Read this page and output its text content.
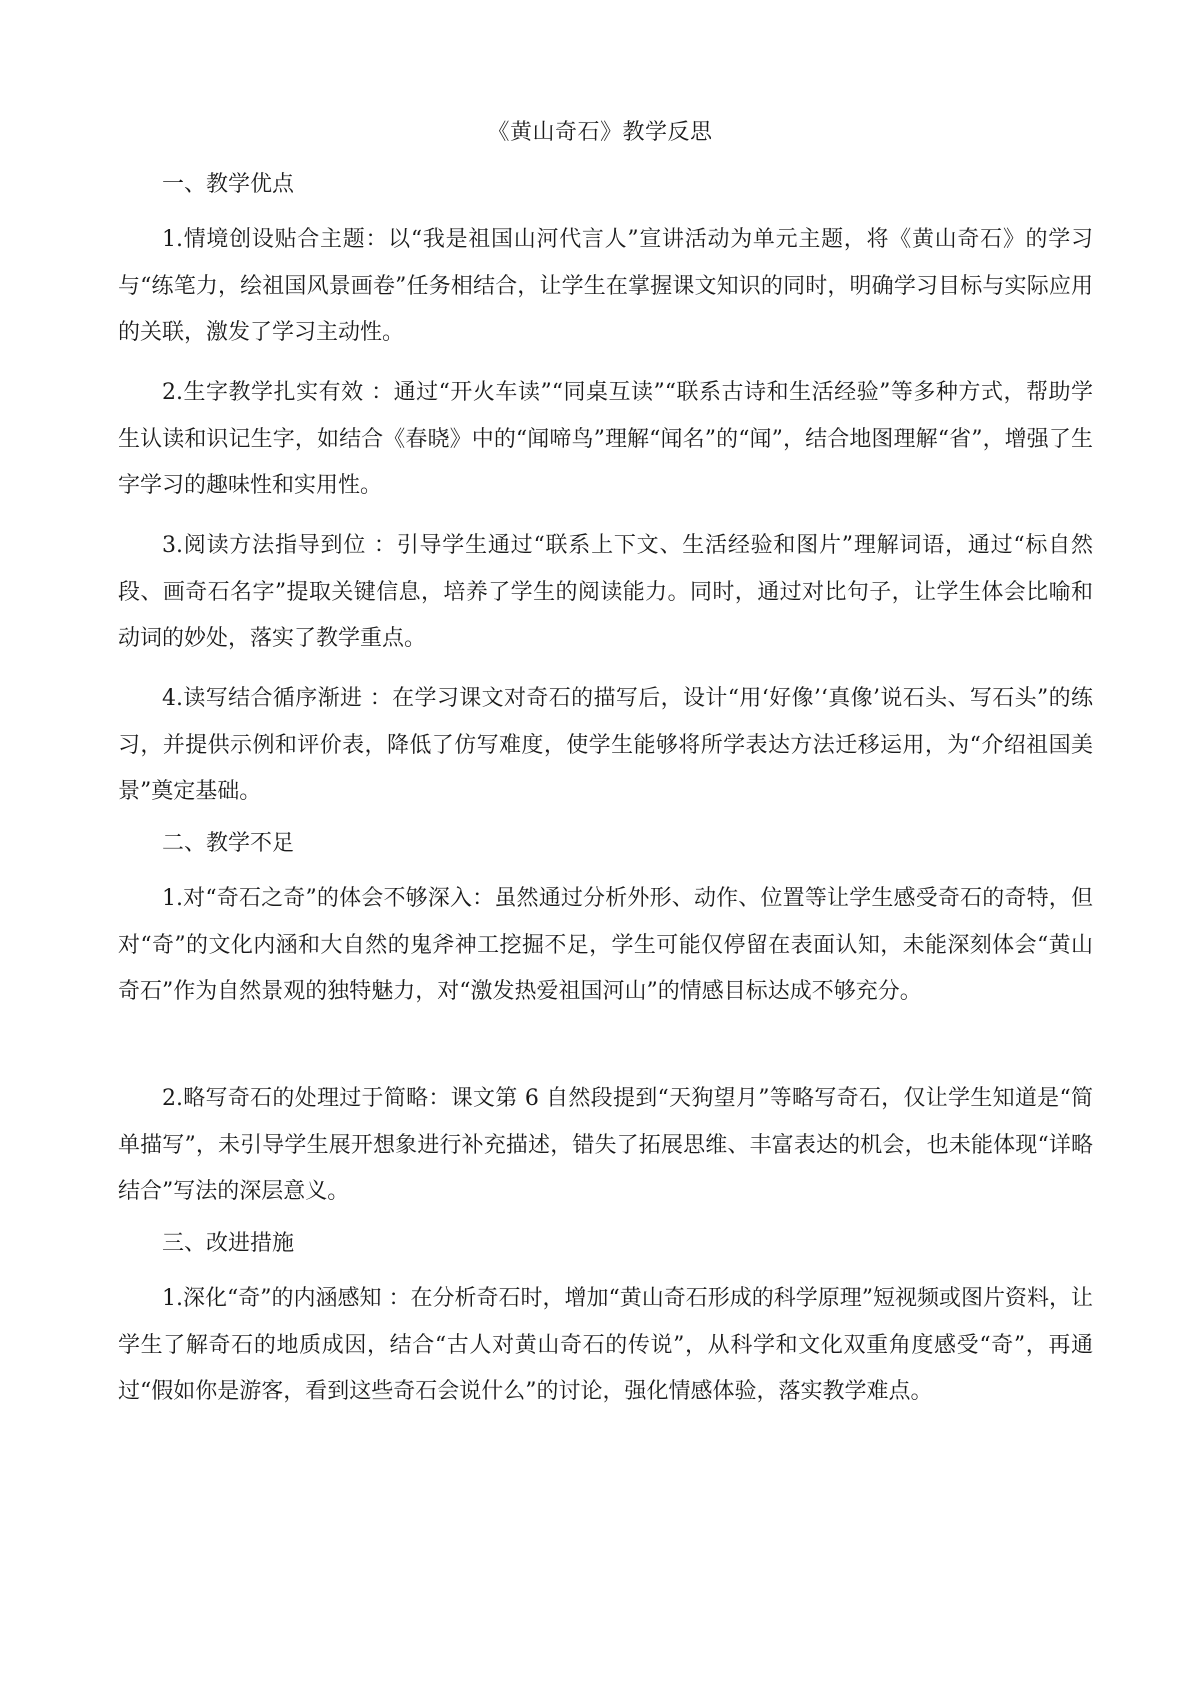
《黄山奇石》教学反思
一、教学优点
1.情境创设贴合主题：以“我是祖国山河代言人”宣讲活动为单元主题，将《黄山奇石》的学习与“练笔力，绘祖国风景画卷”任务相结合，让学生在掌握课文知识的同时，明确学习目标与实际应用的关联，激发了学习主动性。
2.生字教学扎实有效 ：通过“开火车读”“同桌互读”“联系古诗和生活经验”等多种方式，帮助学生认读和识记生字，如结合《春晓》中的“闻啼鸟”理解“闻名”的“闻”，结合地图理解“省”，增强了生字学习的趣味性和实用性。
3.阅读方法指导到位 ：引导学生通过“联系上下文、生活经验和图片”理解词语，通过“标自然段、画奇石名字”提取关键信息，培养了学生的阅读能力。同时，通过对比句子，让学生体会比喻和动词的妙处，落实了教学重点。
4.读写结合循序渐进 ：在学习课文对奇石的描写后，设计“用‘好像’‘真像’说石头、写石头”的练习，并提供示例和评价表，降低了仿写难度，使学生能够将所学表达方法迁移运用，为“介绍祖国美景”奠定基础。
二、教学不足
1.对“奇石之奇”的体会不够深入：虽然通过分析外形、动作、位置等让学生感受奇石的奇特，但对“奇”的文化内涵和大自然的鬼斧神工挖掘不足，学生可能仅停留在表面认知，未能深刻体会“黄山奇石”作为自然景观的独特魅力，对“激发热爱祖国河山”的情感目标达成不够充分。
2.略写奇石的处理过于简略：课文第 6 自然段提到“天狗望月”等略写奇石，仅让学生知道是“简单描写”，未引导学生展开想象进行补充描述，错失了拓展思维、丰富表达的机会，也未能体现“详略结合”写法的深层意义。
三、改进措施
1.深化“奇”的内涵感知 ：在分析奇石时，增加“黄山奇石形成的科学原理”短视频或图片资料，让学生了解奇石的地质成因，结合“古人对黄山奇石的传说”，从科学和文化双重角度感受“奇”，再通过“假如你是游客，看到这些奇石会说什么”的讨论，强化情感体验，落实教学难点。
